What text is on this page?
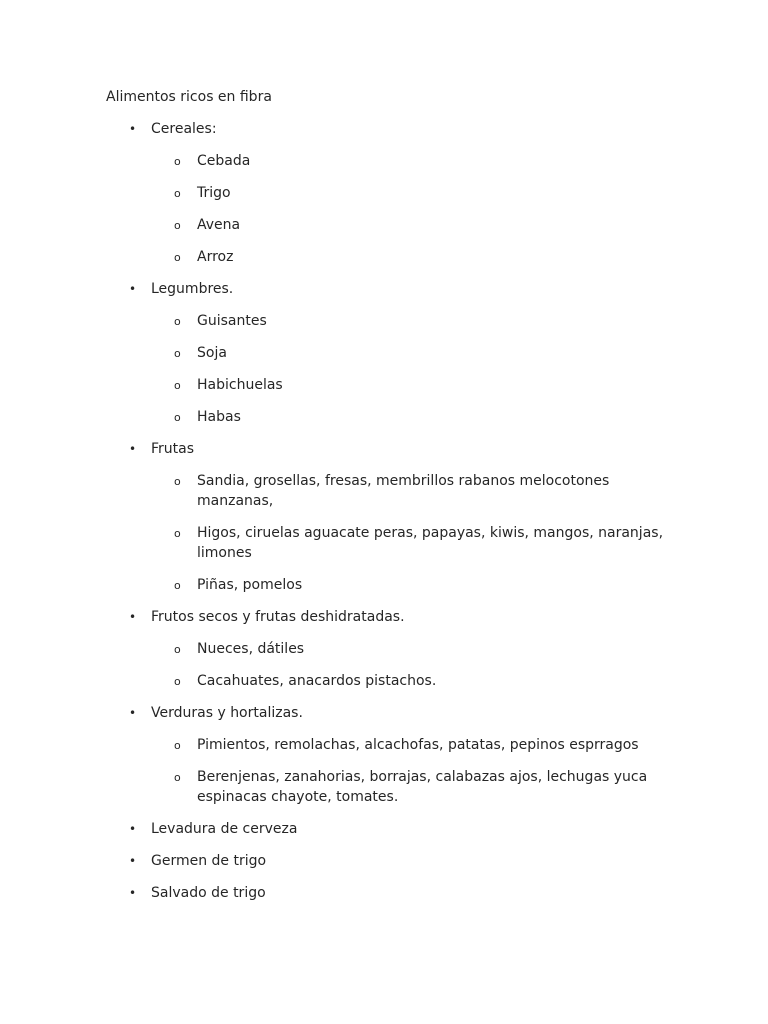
Alimentos ricos en fibra
• Cereales:
o Cebada
o Trigo
o Avena
o Arroz
• Legumbres.
o Guisantes
o Soja
o Habichuelas
o Habas
• Frutas
o Sandia, grosellas, fresas, membrillos rabanos melocotones manzanas,
o Higos, ciruelas aguacate peras, papayas, kiwis, mangos, naranjas, limones
o Piñas, pomelos
• Frutos secos y frutas deshidratadas.
o Nueces, dátiles
o Cacahuates, anacardos pistachos.
• Verduras y hortalizas.
o Pimientos, remolachas, alcachofas, patatas, pepinos esprragos
o Berenjenas, zanahorias, borrajas, calabazas ajos, lechugas yuca espinacas chayote, tomates.
• Levadura de cerveza
• Germen de trigo
• Salvado de trigo
